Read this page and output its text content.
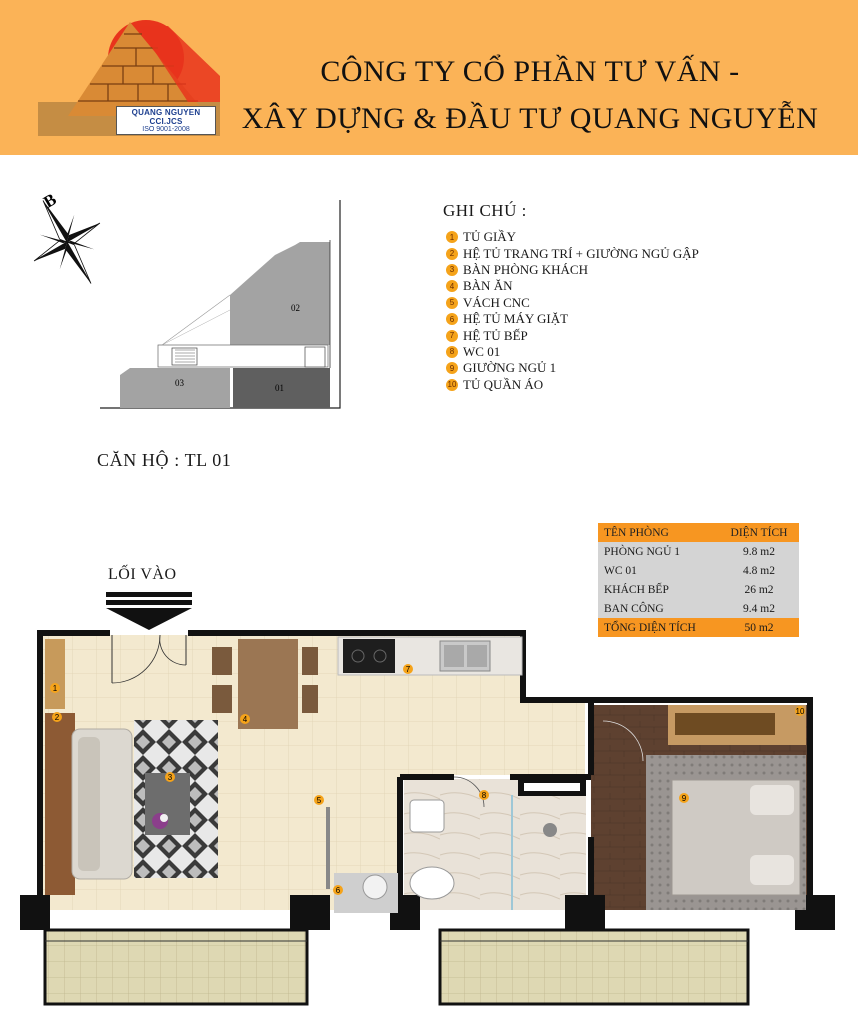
QUANG NGUYEN CCI.JCS
ISO 9001-2008
CÔNG TY CỔ PHẦN TƯ VẤN -
XÂY DỰNG & ĐẦU TƯ QUANG NGUYỄN
B
02
03	01
GHI CHÚ :
1 TỦ GIẦY
2 HỆ TỦ TRANG TRÍ + GIƯỜNG NGỦ GẬP
3 BÀN PHÒNG KHÁCH
4 BÀN ĂN
5 VÁCH CNC
6 HỆ TỦ MÁY GIẶT
7 HỆ TỦ BẾP
8 WC 01
9 GIƯỜNG NGỦ 1
10 TỦ QUẦN ÁO
CĂN HỘ : TL 01
TÊN PHÒNG	DIỆN TÍCH
PHÒNG NGỦ 1	9.8 m2
WC 01	4.8 m2
KHÁCH BẾP	26 m2
BAN CÔNG	9.4 m2
TỔNG DIỆN TÍCH	50 m2
LỐI VÀO
1
2
3
4
5
6
7
8	9
10
